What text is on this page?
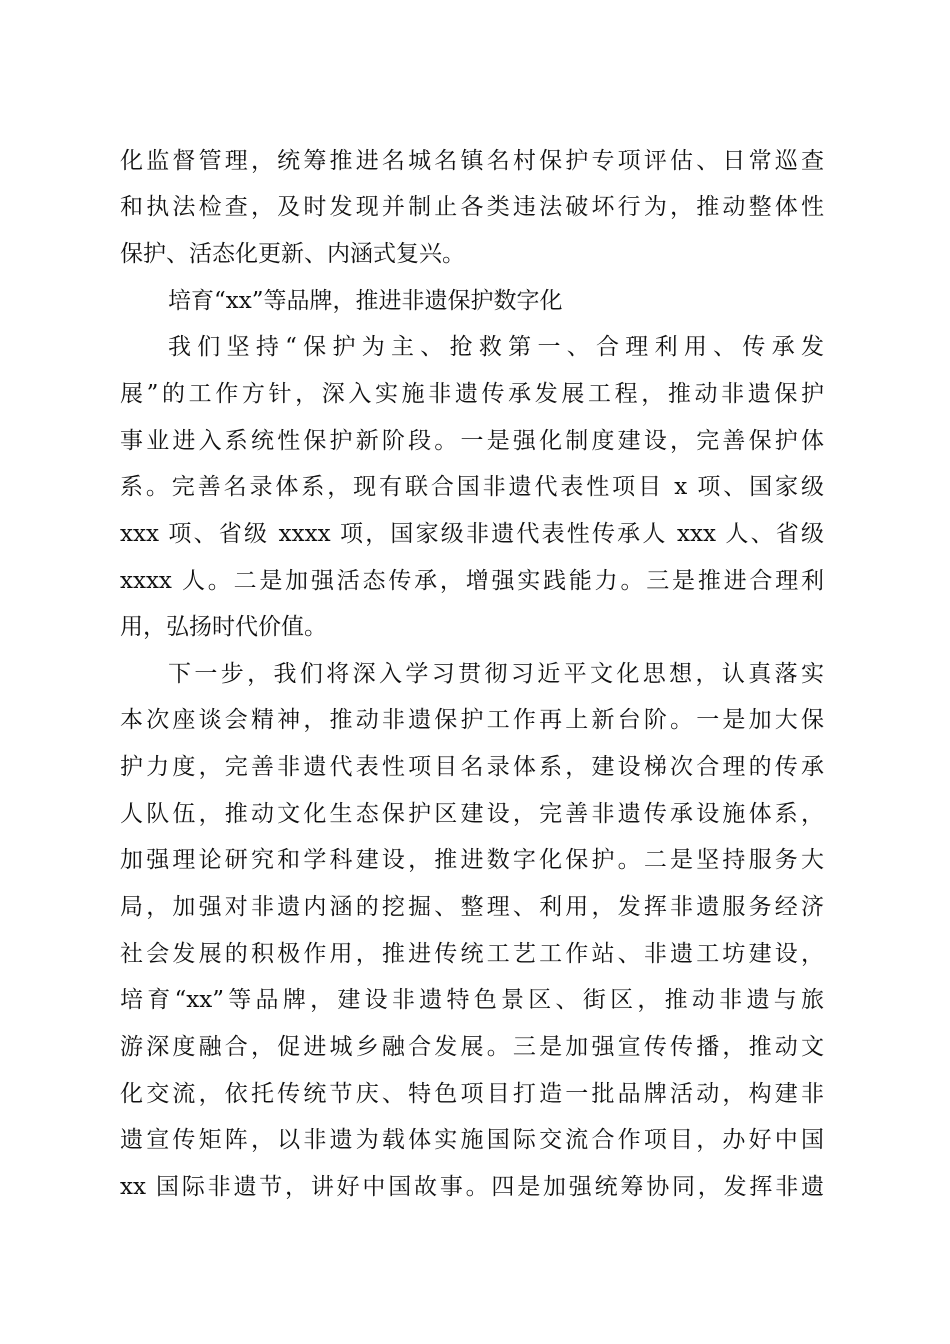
化监督管理，统筹推进名城名镇名村保护专项评估、日常巡查
和执法检查，及时发现并制止各类违法破坏行为，推动整体性
保护、活态化更新、内涵式复兴。
培育“xx”等品牌，推进非遗保护数字化
我们坚持“保护为主、抢救第一、合理利用、传承发
展”的工作方针，深入实施非遗传承发展工程，推动非遗保护
事业进入系统性保护新阶段。一是强化制度建设，完善保护体
系。完善名录体系，现有联合国非遗代表性项目 x 项、国家级
xxx 项、省级 xxxx 项，国家级非遗代表性传承人 xxx 人、省级
xxxx 人。二是加强活态传承，增强实践能力。三是推进合理利
用，弘扬时代价值。
下一步，我们将深入学习贯彻习近平文化思想，认真落实
本次座谈会精神，推动非遗保护工作再上新台阶。一是加大保
护力度，完善非遗代表性项目名录体系，建设梯次合理的传承
人队伍，推动文化生态保护区建设，完善非遗传承设施体系，
加强理论研究和学科建设，推进数字化保护。二是坚持服务大
局，加强对非遗内涵的挖掘、整理、利用，发挥非遗服务经济
社会发展的积极作用，推进传统工艺工作站、非遗工坊建设，
培育“xx”等品牌，建设非遗特色景区、街区，推动非遗与旅
游深度融合，促进城乡融合发展。三是加强宣传传播，推动文
化交流，依托传统节庆、特色项目打造一批品牌活动，构建非
遗宣传矩阵，以非遗为载体实施国际交流合作项目，办好中国
xx 国际非遗节，讲好中国故事。四是加强统筹协同，发挥非遗
